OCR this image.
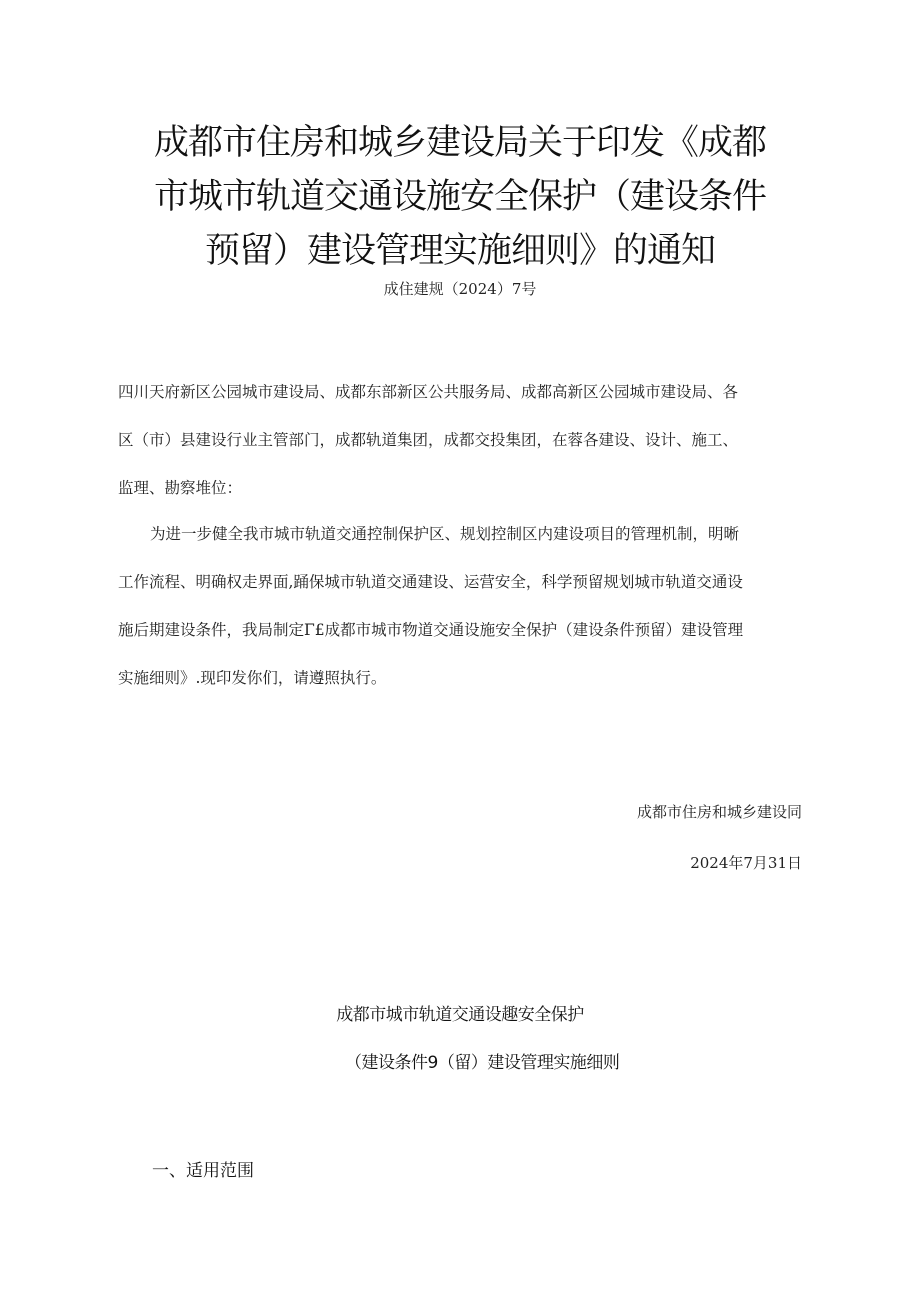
成都市住房和城乡建设局关于印发《成都
市城市轨道交通设施安全保护（建设条件
预留）建设管理实施细则》的通知
成住建规（2024）7号
四川天府新区公园城市建设局、成都东部新区公共服务局、成都高新区公园城市建设局、各
区（市）县建设行业主管部门，成都轨道集团，成都交投集团，在蓉各建设、设计、施工、
监理、勘察堆位：
为进一步健全我市城市轨道交通控制保护区、规划控制区内建设项目的管理机制，明晰
工作流程、明确权走界面,踊保城市轨道交通建设、运营安全，科学预留规划城市轨道交通设
施后期建设条件，我局制定Γ£成都市城市物道交通设施安全保护（建设条件预留）建设管理
实施细则》.现印发你们，请遵照执行。
成都市住房和城乡建设同
2024年7月31日
成都市城市轨道交通设趣安全保护
（建设条件9（留）建设管理实施细则
一、适用范围
